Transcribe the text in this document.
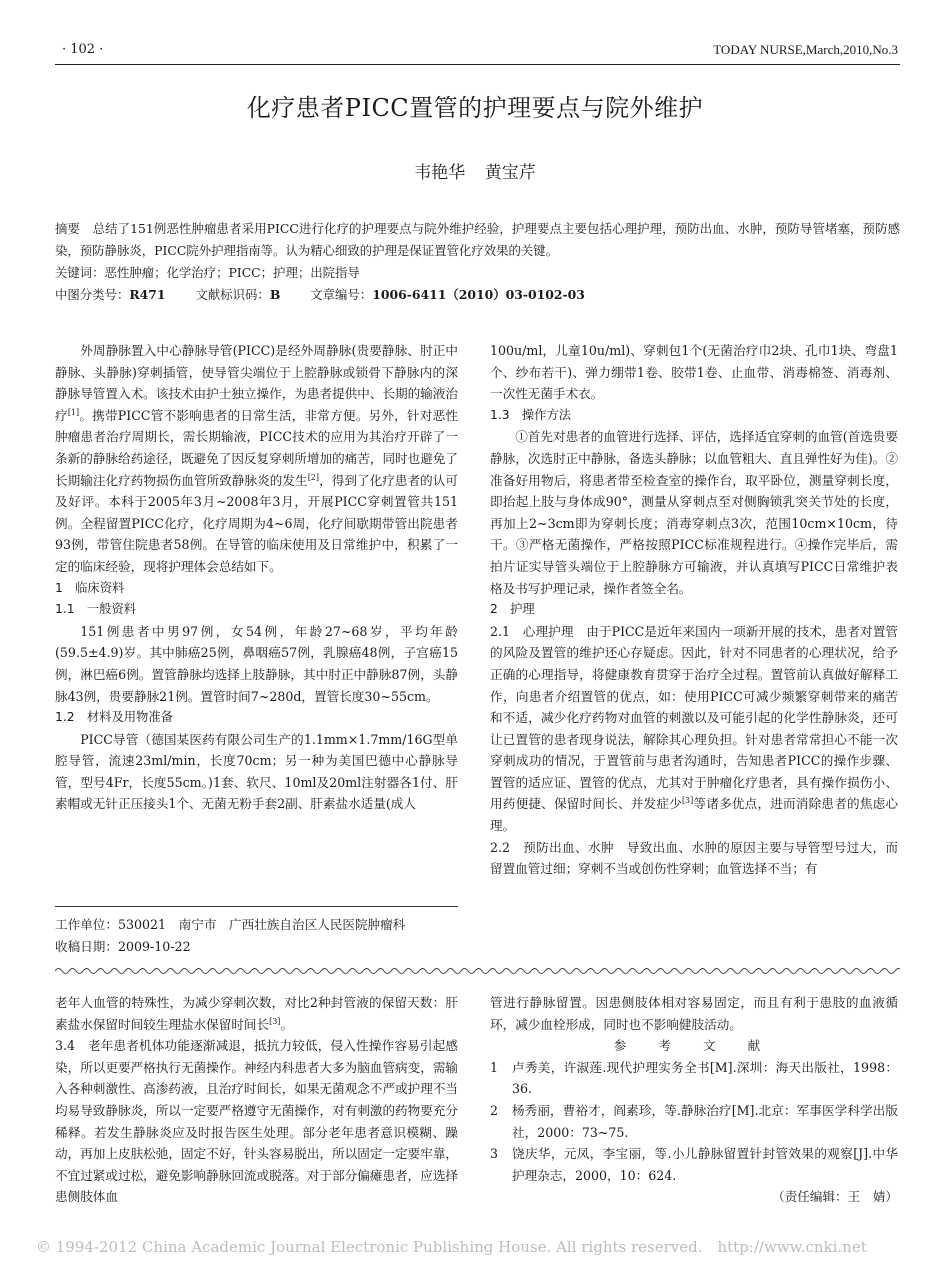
· 102 ·	TODAY NURSE,March,2010,No.3
化疗患者PICC置管的护理要点与院外维护
韦艳华 黄宝芹

摘要　总结了151例恶性肿瘤患者采用PICC进行化疗的护理要点与院外维护经验，护理要点主要包括心理护理，预防出血、水肿，预防导管堵塞，预防感染，预防静脉炎，PICC院外护理指南等。认为精心细致的护理是保证置管化疗效果的关键。

关键词：恶性肿瘤；化学治疗；PICC；护理；出院指导

中图分类号：R471 文献标识码：B 文章编号：1006-6411（2010）03-0102-03

外周静脉置入中心静脉导管(PICC)是经外周静脉(贵要静脉、肘正中静脉、头静脉)穿刺插管，使导管尖端位于上腔静脉或锁骨下静脉内的深静脉导管置入术。该技术由护士独立操作，为患者提供中、长期的输液治疗[1]。携带PICC管不影响患者的日常生活，非常方便。另外，针对恶性肿瘤患者治疗周期长，需长期输液，PICC技术的应用为其治疗开辟了一条新的静脉给药途径，既避免了因反复穿刺所增加的痛苦，同时也避免了长期输注化疗药物损伤血管所致静脉炎的发生[2]，得到了化疗患者的认可及好评。本科于2005年3月~2008年3月，开展PICC穿刺置管共151例。全程留置PICC化疗，化疗周期为4~6周，化疗间歇期带管出院患者93例，带管住院患者58例。在导管的临床使用及日常维护中，积累了一定的临床经验，现将护理体会总结如下。

1　临床资料

1.1　一般资料

151例患者中男97例，女54例，年龄27~68岁，平均年龄(59.5±4.9)岁。其中肺癌25例，鼻咽癌57例，乳腺癌48例，子宫癌15例，淋巴癌6例。置管静脉均选择上肢静脉，其中肘正中静脉87例，头静脉43例，贵要静脉21例。置管时间7~280d，置管长度30~55cm。

1.2　材料及用物准备

PICC导管（德国某医药有限公司生产的1.1mm×1.7mm/16G型单腔导管，流速23ml/min，长度70cm；另一种为美国巴德中心静脉导管，型号4Fr，长度55cm。)1套、软尺、10ml及20ml注射器各1付、肝素帽或无针正压接头1个、无菌无粉手套2副、肝素盐水适量(成人

100u/ml，儿童10u/ml)、穿刺包1个(无菌治疗巾2块、孔巾1块、弯盘1个、纱布若干)、弹力绷带1卷、胶带1卷、止血带、消毒棉签、消毒剂、一次性无菌手术衣。

1.3　操作方法

①首先对患者的血管进行选择、评估，选择适宜穿刺的血管(首选贵要静脉，次选肘正中静脉，备选头静脉；以血管粗大、直且弹性好为佳)。②准备好用物后，将患者带至检查室的操作台，取平卧位，测量穿刺长度，即抬起上肢与身体成90°，测量从穿刺点至对侧胸锁乳突关节处的长度，再加上2~3cm即为穿刺长度；消毒穿刺点3次，范围10cm×10cm，待干。③严格无菌操作，严格按照PICC标准规程进行。④操作完毕后，需拍片证实导管头端位于上腔静脉方可输液，并认真填写PICC日常维护表格及书写护理记录，操作者签全名。

2　护理

2.1　心理护理　由于PICC是近年来国内一项新开展的技术，患者对置管的风险及置管的维护还心存疑虑。因此，针对不同患者的心理状况，给予正确的心理指导，将健康教育贯穿于治疗全过程。置管前认真做好解释工作，向患者介绍置管的优点，如：使用PICC可减少频繁穿刺带来的痛苦和不适，减少化疗药物对血管的刺激以及可能引起的化学性静脉炎，还可让已置管的患者现身说法，解除其心理负担。针对患者常常担心不能一次穿刺成功的情况，于置管前与患者沟通时，告知患者PICC的操作步骤、置管的适应证、置管的优点，尤其对于肿瘤化疗患者，具有操作损伤小、用药便捷、保留时间长、并发症少[3]等诸多优点，进而消除患者的焦虑心理。

2.2　预防出血、水肿　导致出血、水肿的原因主要与导管型号过大，而留置血管过细；穿刺不当或创伤性穿刺；血管选择不当；有

工作单位：530021　南宁市　广西壮族自治区人民医院肿瘤科

收稿日期：2009-10-22

老年人血管的特殊性，为减少穿刺次数，对比2种封管液的保留天数：肝素盐水保留时间较生理盐水保留时间长[3]。

3.4　老年患者机体功能逐渐减退，抵抗力较低，侵入性操作容易引起感染，所以更要严格执行无菌操作。神经内科患者大多为脑血管病变，需输入各种刺激性、高渗药液，且治疗时间长，如果无菌观念不严或护理不当均易导致静脉炎，所以一定要严格遵守无菌操作，对有刺激的药物要充分稀释。若发生静脉炎应及时报告医生处理。部分老年患者意识模糊、躁动，再加上皮肤松弛，固定不好，针头容易脱出，所以固定一定要牢靠，不宜过紧或过松，避免影响静脉回流或脱落。对于部分偏瘫患者，应选择患侧肢体血

管进行静脉留置。因患侧肢体相对容易固定，而且有利于患肢的血液循环，减少血栓形成，同时也不影响健肢活动。

参 考 文 献

1	卢秀美，许淑莲.现代护理实务全书[M].深圳：海天出版社，1998：36.
2	杨秀丽，曹裕才，阎素珍，等.静脉治疗[M].北京：军事医学科学出版社，2000：73~75.
3	饶庆华，元凤，李宝丽，等.小儿静脉留置针封管效果的观察[J].中华护理杂志，2000，10：624.

（责任编辑：王　婧）

© 1994-2012 China Academic Journal Electronic Publishing House. All rights reserved.　http://www.cnki.net
